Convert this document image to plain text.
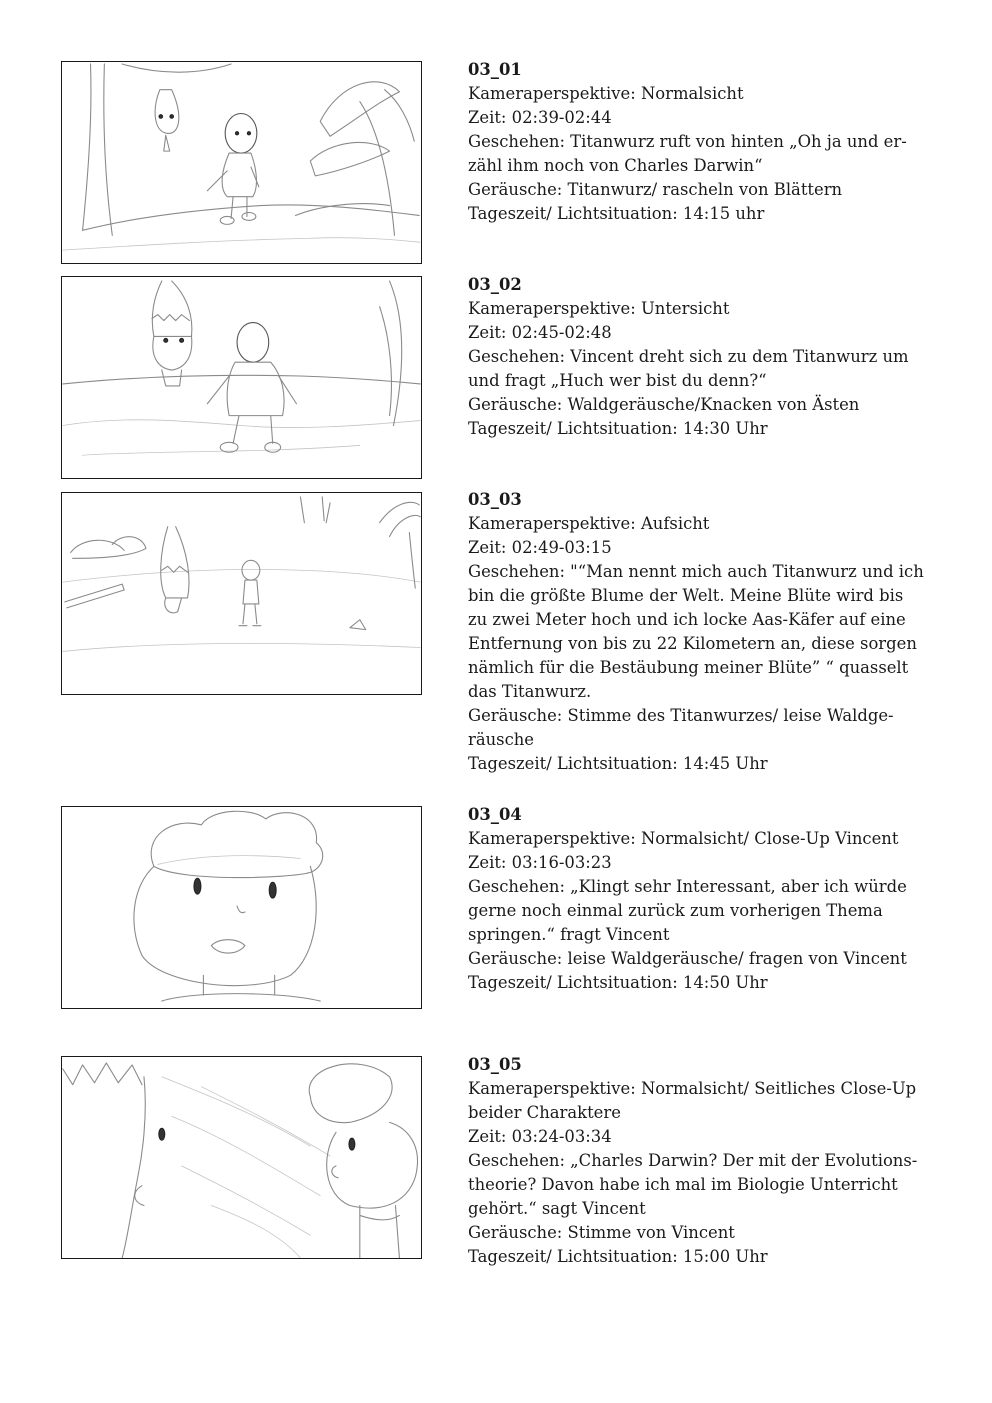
03_01

Kameraperspektive: Normalsicht

Zeit: 02:39-02:44

Geschehen: Titanwurz ruft von hinten „Oh ja und er-

zähl ihm noch von Charles Darwin“

Geräusche: Titanwurz/ rascheln von Blättern

Tageszeit/ Lichtsituation: 14:15 uhr

03_02

Kameraperspektive: Untersicht

Zeit: 02:45-02:48

Geschehen: Vincent dreht sich zu dem Titanwurz um

und fragt „Huch wer bist du denn?“

Geräusche: Waldgeräusche/Knacken von Ästen

Tageszeit/ Lichtsituation: 14:30 Uhr

03_03

Kameraperspektive: Aufsicht

Zeit: 02:49-03:15

Geschehen: "“Man nennt mich auch Titanwurz und ich

bin die größte Blume der Welt. Meine Blüte wird bis

zu zwei Meter hoch und ich locke Aas-Käfer auf eine

Entfernung von bis zu 22 Kilometern an, diese sorgen

nämlich für die Bestäubung meiner Blüte” “ quasselt

das Titanwurz.

Geräusche: Stimme des Titanwurzes/ leise Waldge-

räusche

Tageszeit/ Lichtsituation: 14:45 Uhr

03_04

Kameraperspektive: Normalsicht/ Close-Up Vincent

Zeit: 03:16-03:23

Geschehen: „Klingt sehr Interessant, aber ich würde

gerne noch einmal zurück zum vorherigen Thema

springen.“ fragt Vincent

Geräusche: leise Waldgeräusche/ fragen von Vincent

Tageszeit/ Lichtsituation: 14:50 Uhr

03_05

Kameraperspektive: Normalsicht/ Seitliches Close-Up

beider Charaktere

Zeit: 03:24-03:34

Geschehen: „Charles Darwin? Der mit der Evolutions-

theorie? Davon habe ich mal im Biologie Unterricht

gehört.“ sagt Vincent

Geräusche: Stimme von Vincent

Tageszeit/ Lichtsituation: 15:00 Uhr
